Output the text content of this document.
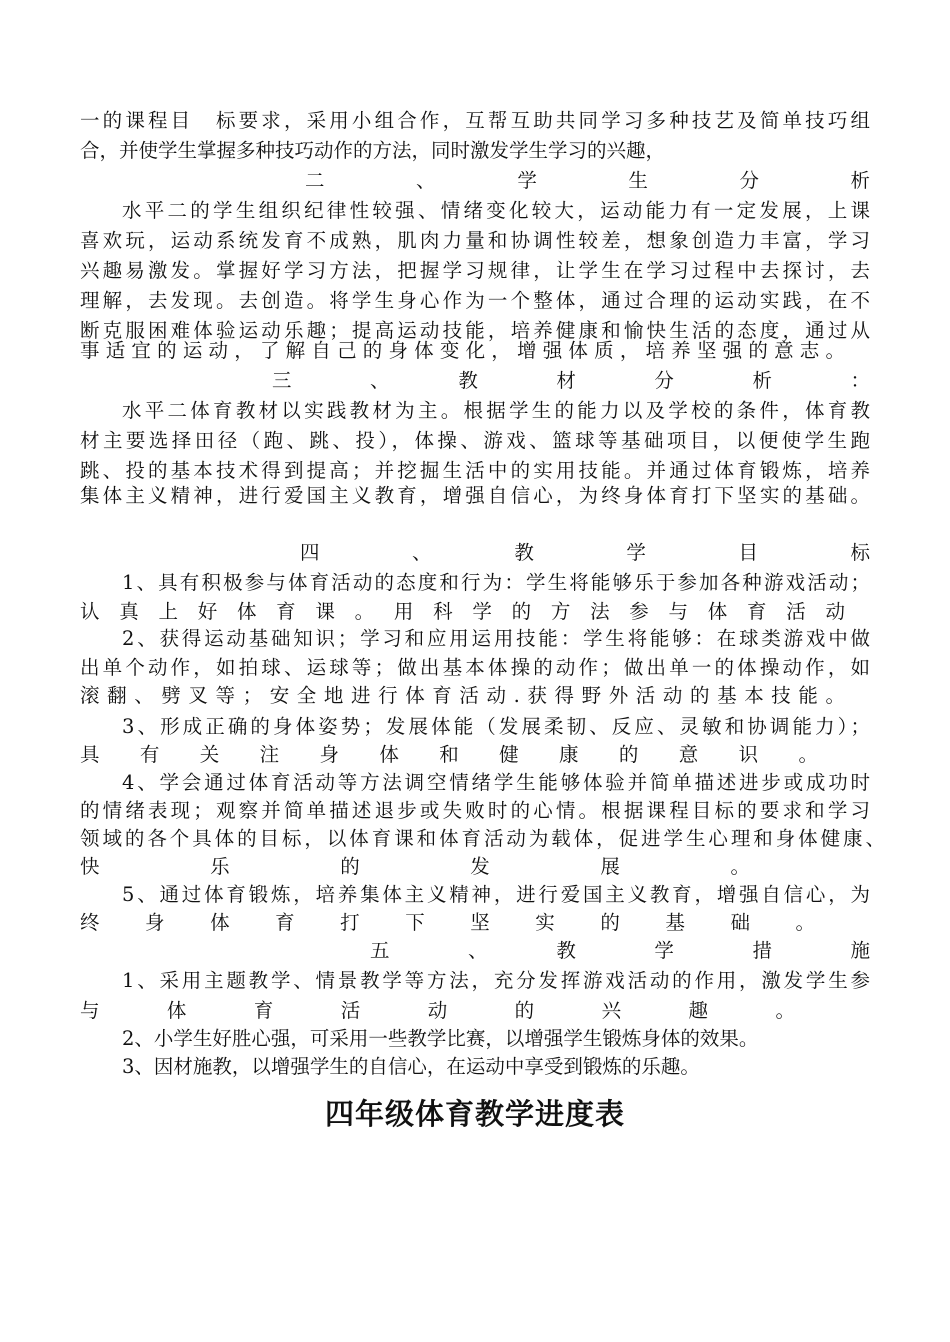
一的课程目　标要求，采用小组合作，互帮互助共同学习多种技艺及简单技巧组
合，并使学生掌握多种技巧动作的方法，同时激发学生学习的兴趣，
二　　　、　　　学　　　生　　　分　　　析
水平二的学生组织纪律性较强、情绪变化较大，运动能力有一定发展，上课
喜欢玩，运动系统发育不成熟，肌肉力量和协调性较差，想象创造力丰富，学习
兴趣易激发。掌握好学习方法，把握学习规律，让学生在学习过程中去探讨，去
理解，去发现。去创造。将学生身心作为一个整体，通过合理的运动实践，在不
断克服困难体验运动乐趣；提高运动技能，培养健康和愉快生活的态度，通过从
事适宜的运动，了解自己的身体变化，增强体质，培养坚强的意志。
三　　　、　　　教　　　材　　　分　　　析　　　：
水平二体育教材以实践教材为主。根据学生的能力以及学校的条件，体育教
材主要选择田径（跑、跳、投），体操、游戏、篮球等基础项目，以便使学生跑
跳、投的基本技术得到提高；并挖掘生活中的实用技能。并通过体育锻炼，培养
集体主义精神，进行爱国主义教育，增强自信心，为终身体育打下坚实的基础。
四　　　、　　　教　　　学　　　目　　　标
1、具有积极参与体育活动的态度和行为：学生将能够乐于参加各种游戏活动；
认 真 上 好 体 育 课 。 用 科 学 的 方 法 参 与 体 育 活 动
2、获得运动基础知识；学习和应用运用技能：学生将能够：在球类游戏中做
出单个动作，如拍球、运球等；做出基本体操的动作；做出单一的体操动作，如
滚翻、劈叉等；安全地进行体育活动.获得野外活动的基本技能。
3、形成正确的身体姿势；发展体能（发展柔韧、反应、灵敏和协调能力）；
具　有　关　注　身　体　和　健　康　的　意　识　。
4、学会通过体育活动等方法调空情绪学生能够体验并简单描述进步或成功时
的情绪表现；观察并简单描述退步或失败时的心情。根据课程目标的要求和学习
领域的各个具体的目标，以体育课和体育活动为载体，促进学生心理和身体健康、
快　　　乐　　　的　　　发　　　展　　　。
5、通过体育锻炼，培养集体主义精神，进行爱国主义教育，增强自信心，为
终　身　体　育　打　下　坚　实　的　基　础　。
五　　　、　　　教　　　学　　　措　　　施
1、采用主题教学、情景教学等方法，充分发挥游戏活动的作用，激发学生参
与　　体　　育　　活　　动　　的　　兴　　趣　　。
2、小学生好胜心强，可采用一些教学比赛，以增强学生锻炼身体的效果。
3、因材施教，以增强学生的自信心，在运动中享受到锻炼的乐趣。
四年级体育教学进度表
